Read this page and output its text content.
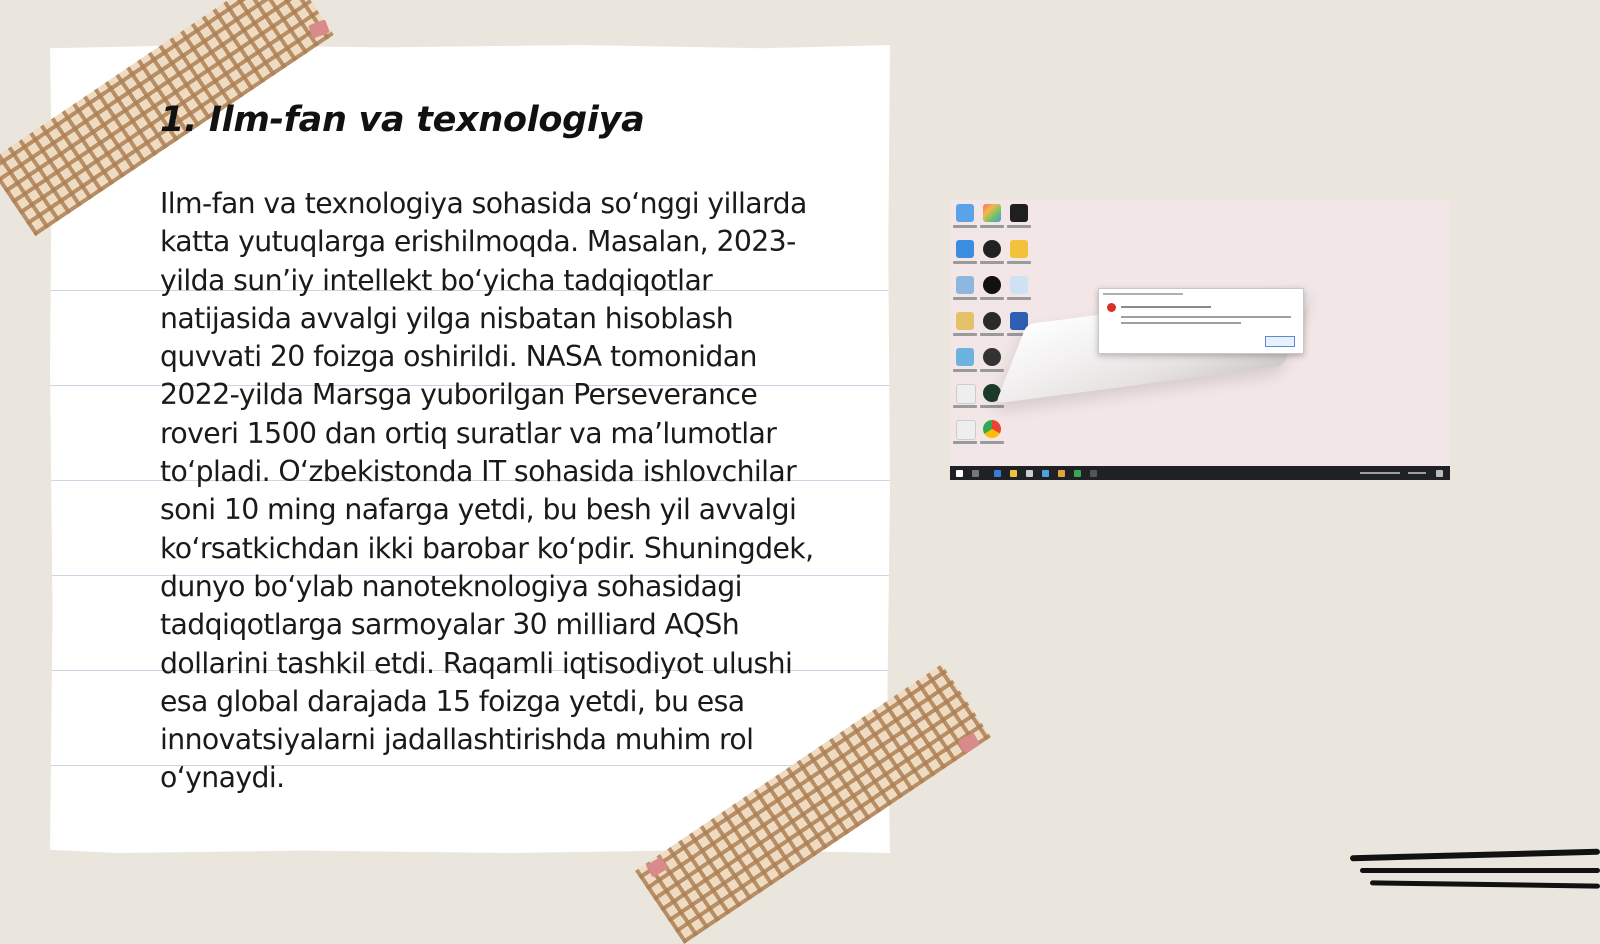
1. Ilm-fan va texnologiya

Ilm-fan va texnologiya sohasida so‘nggi yillarda katta yutuqlarga erishilmoqda. Masalan, 2023-yilda sun’iy intellekt bo‘yicha tadqiqotlar natijasida avvalgi yilga nisbatan hisoblash quvvati 20 foizga oshirildi. NASA tomonidan 2022-yilda Marsga yuborilgan Perseverance roveri 1500 dan ortiq suratlar va ma’lumotlar to‘pladi. O‘zbekistonda IT sohasida ishlovchilar soni 10 ming nafarga yetdi, bu besh yil avvalgi ko‘rsatkichdan ikki barobar ko‘pdir. Shuningdek, dunyo bo‘ylab nanoteknologiya sohasidagi tadqiqotlarga sarmoyalar 30 milliard AQSh dollarini tashkil etdi. Raqamli iqtisodiyot ulushi esa global darajada 15 foizga yetdi, bu esa innovatsiyalarni jadallashtirishda muhim rol o‘ynaydi.
